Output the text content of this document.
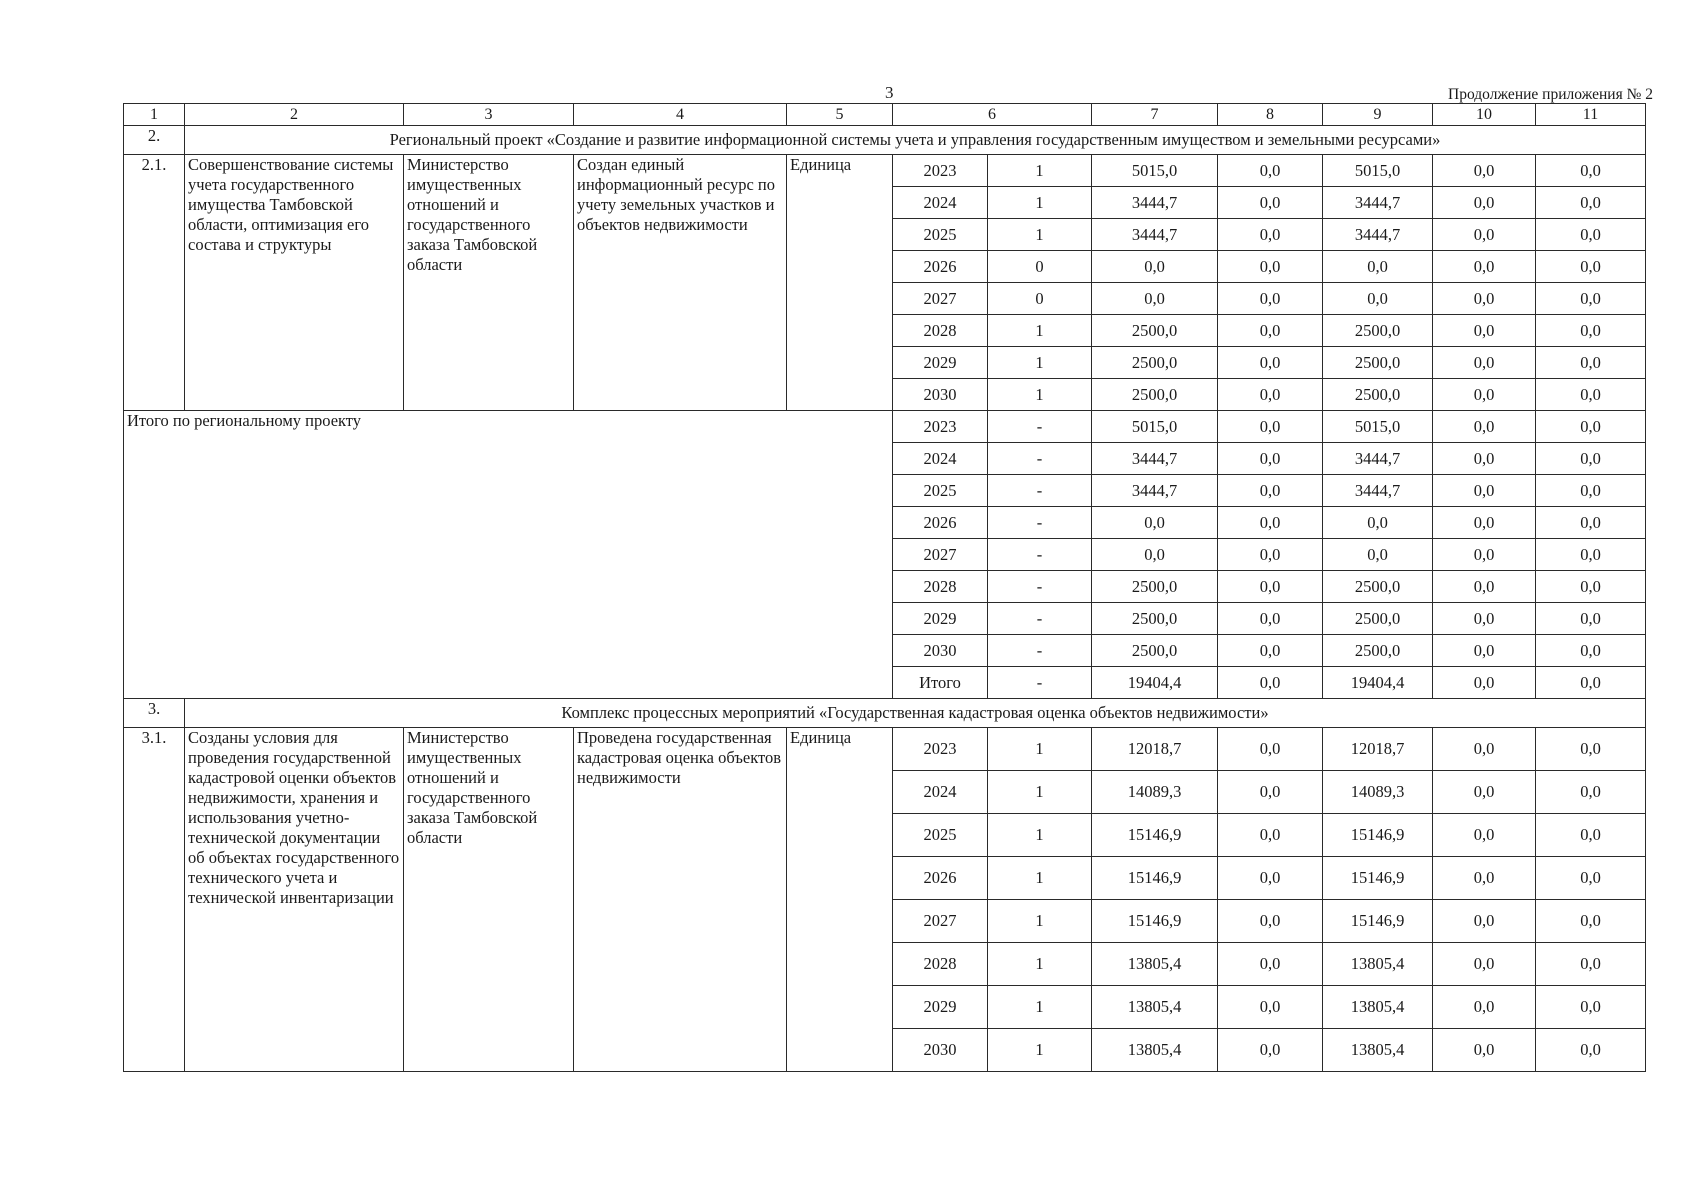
3	Продолжение приложения № 2
1	2	3	4	5	6		7	8	9	10	11
2.	Региональный проект «Создание и развитие информационной системы учета и управления государственным имуществом и земельными ресурсами»										
2.1.	Совершенствование системы учета государственного имущества Тамбовской области, оптимизация его состава и структуры	Министерство имущественных отношений и государственного заказа Тамбовской области	Создан единый информационный ресурс по учету земельных участков и объектов недвижимости	Единица	2023	1	5015,0	0,0	5015,0	0,0	0,0
					2024	1	3444,7	0,0	3444,7	0,0	0,0
					2025	1	3444,7	0,0	3444,7	0,0	0,0
					2026	0	0,0	0,0	0,0	0,0	0,0
					2027	0	0,0	0,0	0,0	0,0	0,0
					2028	1	2500,0	0,0	2500,0	0,0	0,0
					2029	1	2500,0	0,0	2500,0	0,0	0,0
					2030	1	2500,0	0,0	2500,0	0,0	0,0
Итого по региональному проекту					2023	-	5015,0	0,0	5015,0	0,0	0,0
					2024	-	3444,7	0,0	3444,7	0,0	0,0
					2025	-	3444,7	0,0	3444,7	0,0	0,0
					2026	-	0,0	0,0	0,0	0,0	0,0
					2027	-	0,0	0,0	0,0	0,0	0,0
					2028	-	2500,0	0,0	2500,0	0,0	0,0
					2029	-	2500,0	0,0	2500,0	0,0	0,0
					2030	-	2500,0	0,0	2500,0	0,0	0,0
					Итого	-	19404,4	0,0	19404,4	0,0	0,0
3.	Комплекс процессных мероприятий «Государственная кадастровая оценка объектов недвижимости»										
3.1.	Созданы условия для проведения государственной кадастровой оценки объектов недвижимости, хранения и использования учетно-технической документации об объектах государственного технического учета и технической инвентаризации	Министерство имущественных отношений и государственного заказа Тамбовской области	Проведена государственная кадастровая оценка объектов недвижимости	Единица	2023	1	12018,7	0,0	12018,7	0,0	0,0
					2024	1	14089,3	0,0	14089,3	0,0	0,0
					2025	1	15146,9	0,0	15146,9	0,0	0,0
					2026	1	15146,9	0,0	15146,9	0,0	0,0
					2027	1	15146,9	0,0	15146,9	0,0	0,0
					2028	1	13805,4	0,0	13805,4	0,0	0,0
					2029	1	13805,4	0,0	13805,4	0,0	0,0
					2030	1	13805,4	0,0	13805,4	0,0	0,0
